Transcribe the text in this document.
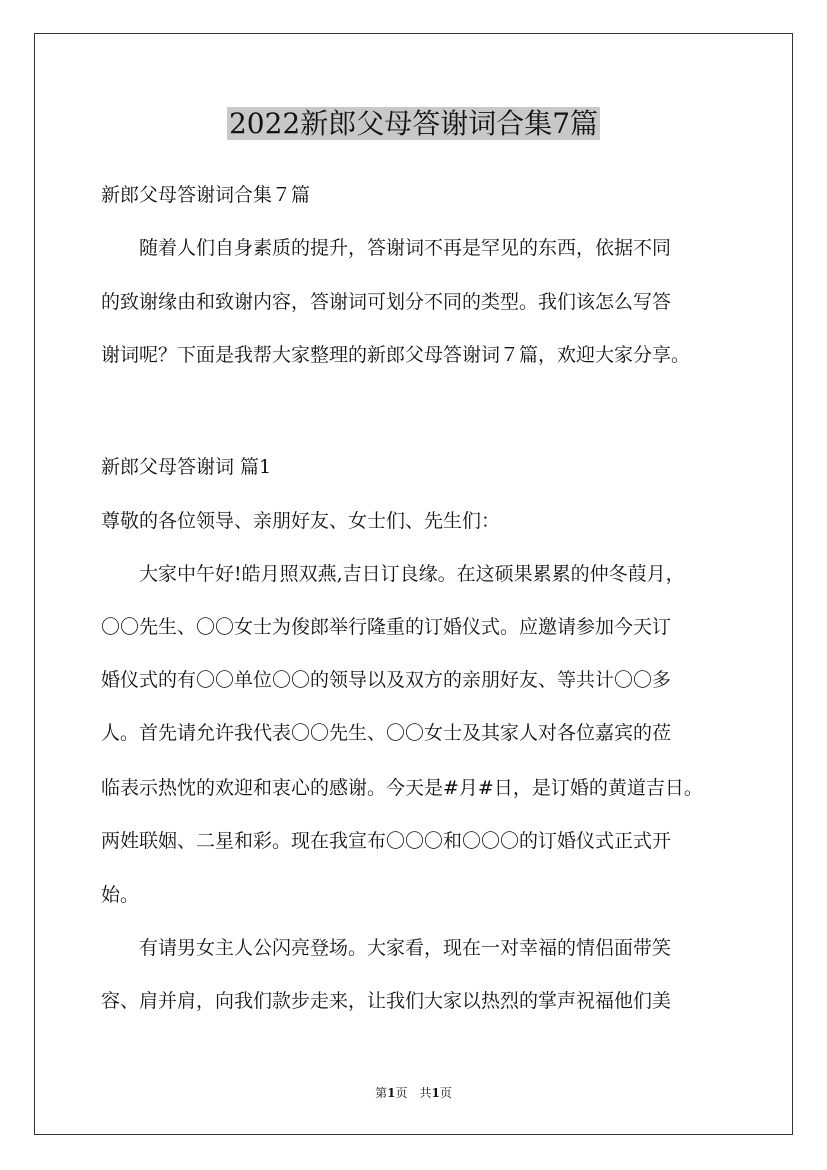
2022新郎父母答谢词合集7篇

新郎父母答谢词合集７篇

　　随着人们自身素质的提升，答谢词不再是罕见的东西，依据不同

的致谢缘由和致谢内容，答谢词可划分不同的类型。我们该怎么写答

谢词呢？下面是我帮大家整理的新郎父母答谢词７篇，欢迎大家分享。

新郎父母答谢词 篇1

尊敬的各位领导、亲朋好友、女士们、先生们：

　　大家中午好!皓月照双燕,吉日订良缘。在这硕果累累的仲冬葭月，

〇〇先生、〇〇女士为俊郎举行隆重的订婚仪式。应邀请参加今天订

婚仪式的有〇〇单位〇〇的领导以及双方的亲朋好友、等共计〇〇多

人。首先请允许我代表〇〇先生、〇〇女士及其家人对各位嘉宾的莅

临表示热忱的欢迎和衷心的感谢。今天是#月#日，是订婚的黄道吉日。

两姓联姻、二星和彩。现在我宣布〇〇〇和〇〇〇的订婚仪式正式开

始。

　　有请男女主人公闪亮登场。大家看，现在一对幸福的情侣面带笑

容、肩并肩，向我们款步走来，让我们大家以热烈的掌声祝福他们美

第1页　共1页
